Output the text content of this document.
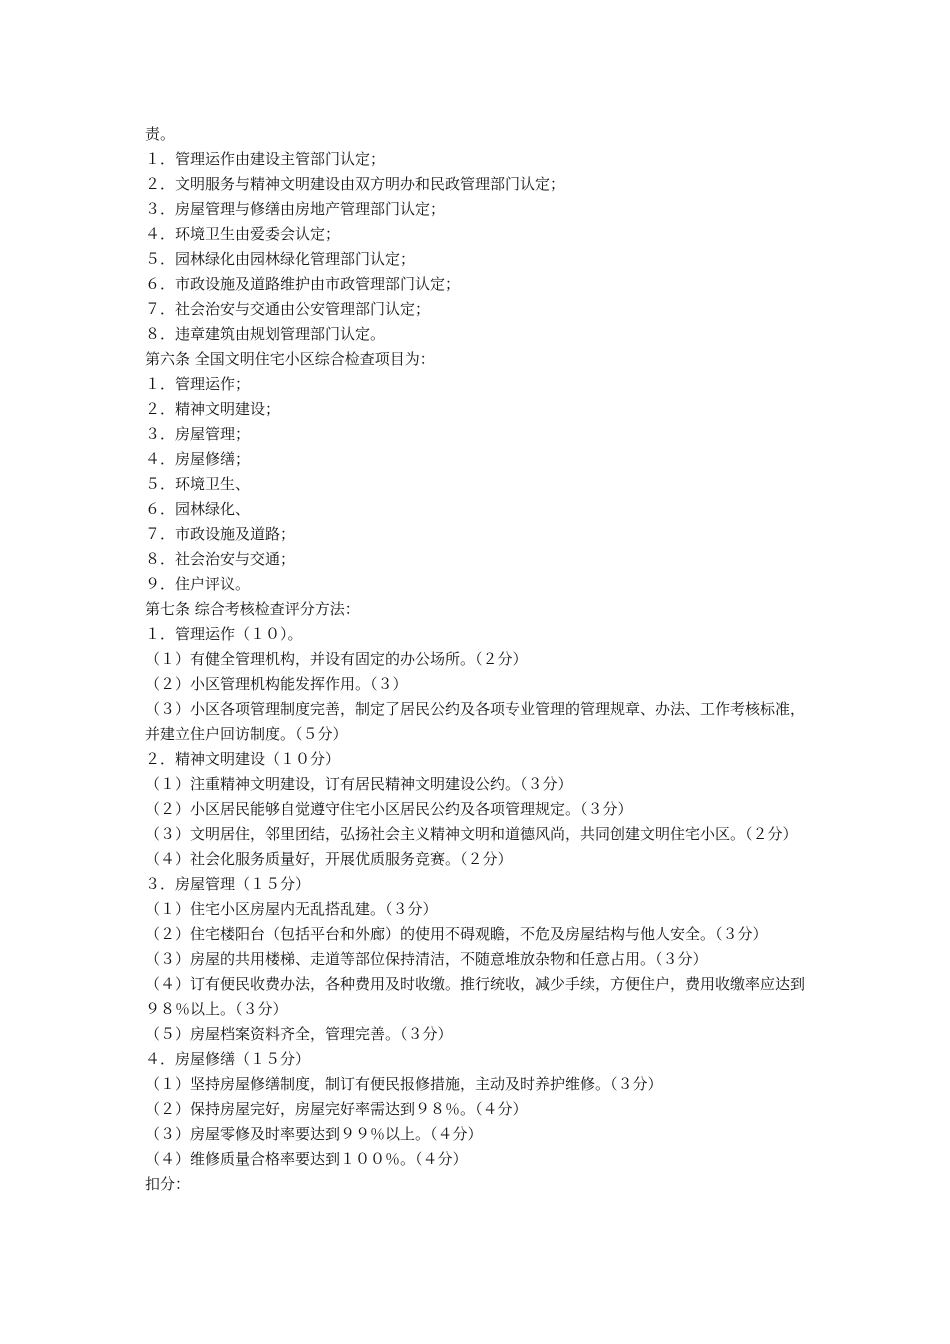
责。

１．管理运作由建设主管部门认定；

２．文明服务与精神文明建设由双方明办和民政管理部门认定；

３．房屋管理与修缮由房地产管理部门认定；

４．环境卫生由爱委会认定；

５．园林绿化由园林绿化管理部门认定；

６．市政设施及道路维护由市政管理部门认定；

７．社会治安与交通由公安管理部门认定；

８．违章建筑由规划管理部门认定。

第六条 全国文明住宅小区综合检查项目为：

１．管理运作；

２．精神文明建设；

３．房屋管理；

４．房屋修缮；

５．环境卫生、

６．园林绿化、

７．市政设施及道路；

８．社会治安与交通；

９．住户评议。

第七条 综合考核检查评分方法：

１．管理运作（１０）。

（１）有健全管理机构，并设有固定的办公场所。（２分）

（２）小区管理机构能发挥作用。（３）

（３）小区各项管理制度完善，制定了居民公约及各项专业管理的管理规章、办法、工作考核标准，并建立住户回访制度。（５分）

２．精神文明建设（１０分）

（１）注重精神文明建设，订有居民精神文明建设公约。（３分）

（２）小区居民能够自觉遵守住宅小区居民公约及各项管理规定。（３分）

（３）文明居住，邻里团结，弘扬社会主义精神文明和道德风尚，共同创建文明住宅小区。（２分）

（４）社会化服务质量好，开展优质服务竞赛。（２分）

３．房屋管理（１５分）

（１）住宅小区房屋内无乱搭乱建。（３分）

（２）住宅楼阳台（包括平台和外廊）的使用不碍观瞻，不危及房屋结构与他人安全。（３分）

（３）房屋的共用楼梯、走道等部位保持清洁，不随意堆放杂物和任意占用。（３分）

（４）订有便民收费办法，各种费用及时收缴。推行统收，减少手续，方便住户，费用收缴率应达到９８％以上。（３分）

（５）房屋档案资料齐全，管理完善。（３分）

４．房屋修缮（１５分）

（１）坚持房屋修缮制度，制订有便民报修措施，主动及时养护维修。（３分）

（２）保持房屋完好，房屋完好率需达到９８％。（４分）

（３）房屋零修及时率要达到９９％以上。（４分）

（４）维修质量合格率要达到１００％。（４分）

扣分：
